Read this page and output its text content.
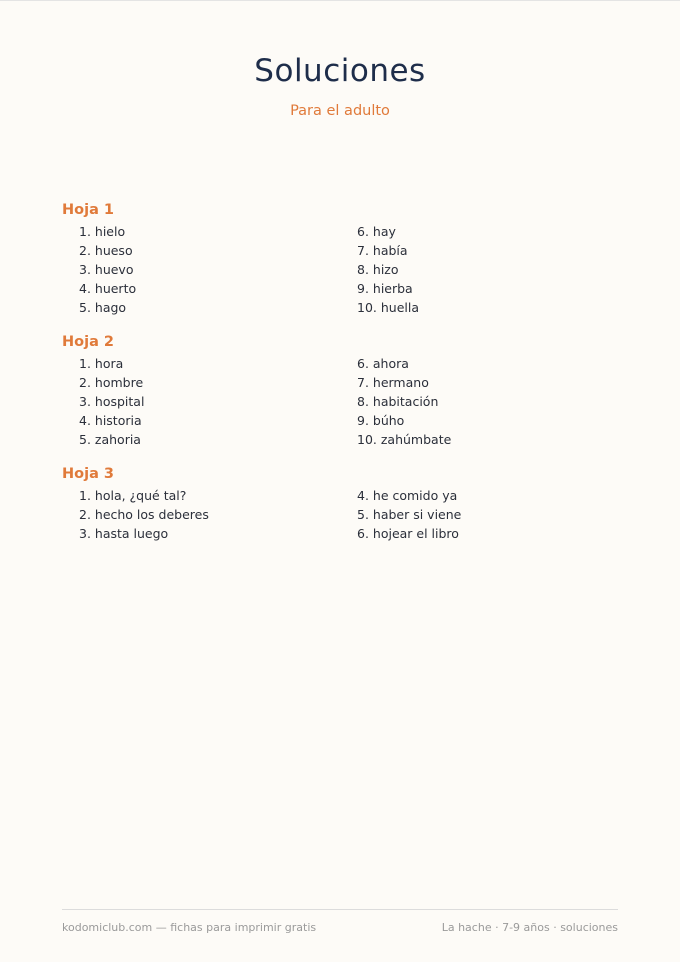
Soluciones
Para el adulto
Hoja 1
1. hielo
2. hueso
3. huevo
4. huerto
5. hago
6. hay
7. había
8. hizo
9. hierba
10. huella
Hoja 2
1. hora
2. hombre
3. hospital
4. historia
5. zahoria
6. ahora
7. hermano
8. habitación
9. búho
10. zahúmbate
Hoja 3
1. hola, ¿qué tal?
2. hecho los deberes
3. hasta luego
4. he comido ya
5. haber si viene
6. hojear el libro
kodomiclub.com — fichas para imprimir gratis	La hache · 7-9 años · soluciones
